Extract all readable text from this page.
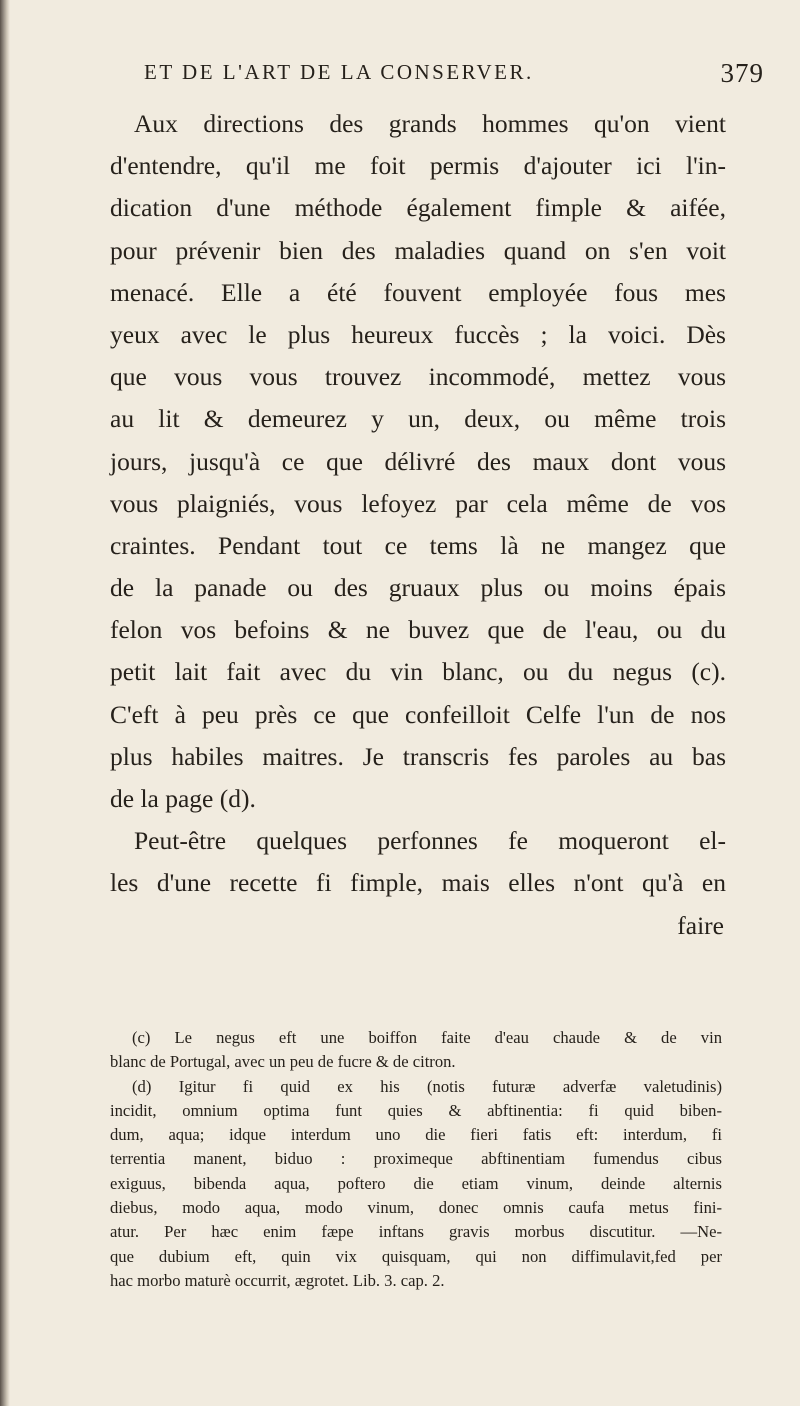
ET DE L'ART DE LA CONSERVER.	379
Aux directions des grands hommes qu'on vient
d'entendre, qu'il me foit permis d'ajouter ici l'in-
dication d'une méthode également fimple & aifée,
pour prévenir bien des maladies quand on s'en voit
menacé. Elle a été fouvent employée fous mes
yeux avec le plus heureux fuccès ; la voici. Dès
que vous vous trouvez incommodé, mettez vous
au lit & demeurez y un, deux, ou même trois
jours, jusqu'à ce que délivré des maux dont vous
vous plaigniés, vous lefoyez par cela même de vos
craintes. Pendant tout ce tems là ne mangez que
de la panade ou des gruaux plus ou moins épais
felon vos befoins & ne buvez que de l'eau, ou du
petit lait fait avec du vin blanc, ou du negus (c).
C'eft à peu près ce que confeilloit Celfe l'un de nos
plus habiles maitres. Je transcris fes paroles au bas
de la page (d).
Peut-être quelques perfonnes fe moqueront el-
les d'une recette fi fimple, mais elles n'ont qu'à en
faire
(c) Le negus eft une boiffon faite d'eau chaude & de vin
blanc de Portugal, avec un peu de fucre & de citron.
(d) Igitur fi quid ex his (notis futuræ adverfæ valetudinis)
incidit, omnium optima funt quies & abftinentia: fi quid biben-
dum, aqua; idque interdum uno die fieri fatis eft: interdum, fi
terrentia manent, biduo : proximeque abftinentiam fumendus cibus
exiguus, bibenda aqua, poftero die etiam vinum, deinde alternis
diebus, modo aqua, modo vinum, donec omnis caufa metus fini-
atur. Per hæc enim fæpe inftans gravis morbus discutitur. —Ne-
que dubium eft, quin vix quisquam, qui non diffimulavit,fed per
hac morbo maturè occurrit, ægrotet. Lib. 3. cap. 2.
